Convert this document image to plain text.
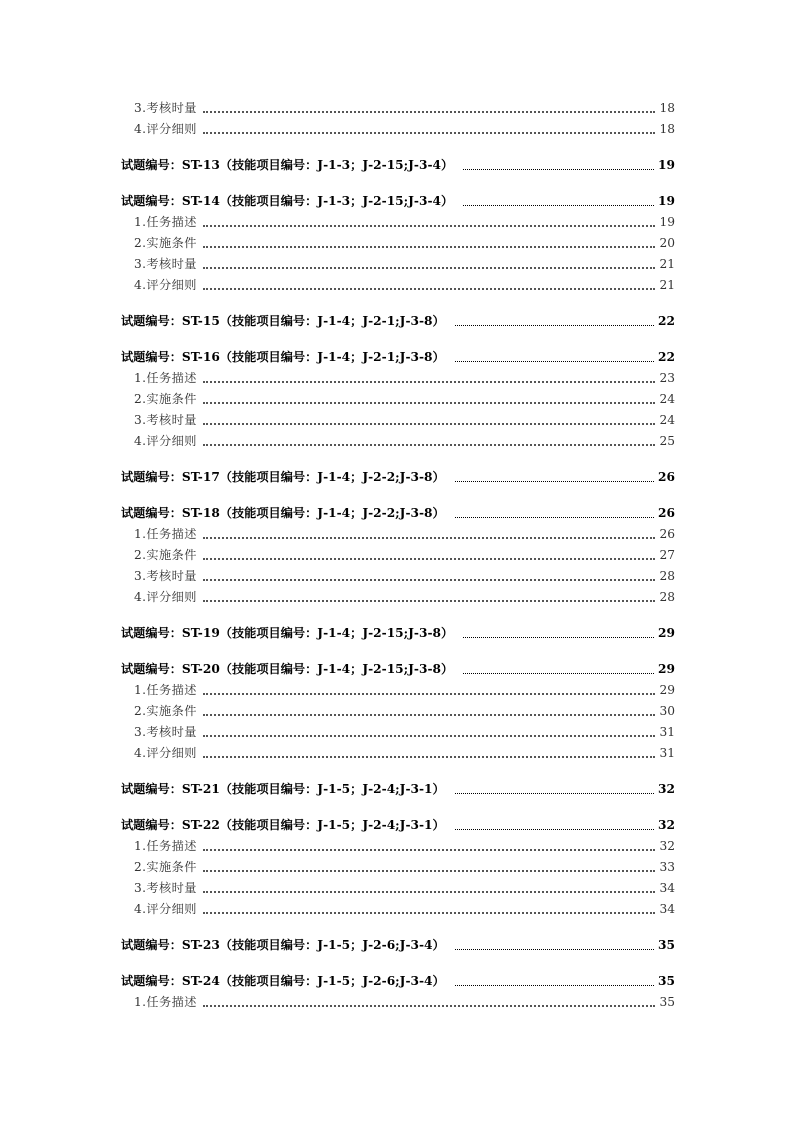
3.考核时量	18
4.评分细则	18
试题编号：ST-13（技能项目编号：J-1-3；J-2-15;J-3-4）	19
试题编号：ST-14（技能项目编号：J-1-3；J-2-15;J-3-4）	19
1.任务描述	19
2.实施条件	20
3.考核时量	21
4.评分细则	21
试题编号：ST-15（技能项目编号：J-1-4；J-2-1;J-3-8）	22
试题编号：ST-16（技能项目编号：J-1-4；J-2-1;J-3-8）	22
1.任务描述	23
2.实施条件	24
3.考核时量	24
4.评分细则	25
试题编号：ST-17（技能项目编号：J-1-4；J-2-2;J-3-8）	26
试题编号：ST-18（技能项目编号：J-1-4；J-2-2;J-3-8）	26
1.任务描述	26
2.实施条件	27
3.考核时量	28
4.评分细则	28
试题编号：ST-19（技能项目编号：J-1-4；J-2-15;J-3-8）	29
试题编号：ST-20（技能项目编号：J-1-4；J-2-15;J-3-8）	29
1.任务描述	29
2.实施条件	30
3.考核时量	31
4.评分细则	31
试题编号：ST-21（技能项目编号：J-1-5；J-2-4;J-3-1）	32
试题编号：ST-22（技能项目编号：J-1-5；J-2-4;J-3-1）	32
1.任务描述	32
2.实施条件	33
3.考核时量	34
4.评分细则	34
试题编号：ST-23（技能项目编号：J-1-5；J-2-6;J-3-4）	35
试题编号：ST-24（技能项目编号：J-1-5；J-2-6;J-3-4）	35
1.任务描述	35
